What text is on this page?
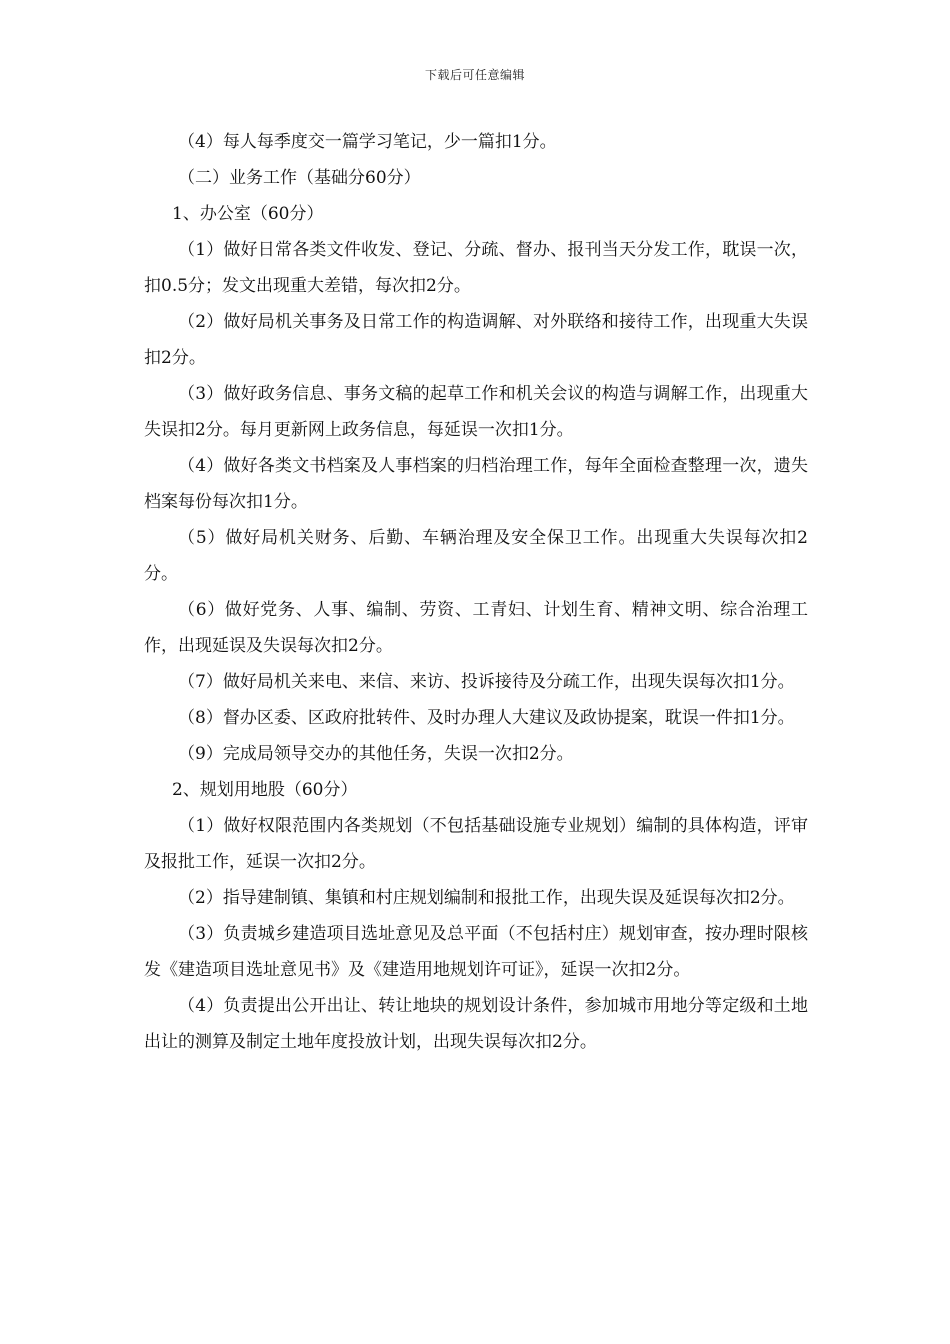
下载后可任意编辑

（4）每人每季度交一篇学习笔记，少一篇扣1分。

（二）业务工作（基础分60分）

1、办公室（60分）

（1）做好日常各类文件收发、登记、分疏、督办、报刊当天分发工作，耽误一次，扣0.5分；发文出现重大差错，每次扣2分。

（2）做好局机关事务及日常工作的构造调解、对外联络和接待工作，出现重大失误扣2分。

（3）做好政务信息、事务文稿的起草工作和机关会议的构造与调解工作，出现重大失误扣2分。每月更新网上政务信息，每延误一次扣1分。

（4）做好各类文书档案及人事档案的归档治理工作，每年全面检查整理一次，遗失档案每份每次扣1分。

（5）做好局机关财务、后勤、车辆治理及安全保卫工作。出现重大失误每次扣2分。

（6）做好党务、人事、编制、劳资、工青妇、计划生育、精神文明、综合治理工作，出现延误及失误每次扣2分。

（7）做好局机关来电、来信、来访、投诉接待及分疏工作，出现失误每次扣1分。

（8）督办区委、区政府批转件、及时办理人大建议及政协提案，耽误一件扣1分。

（9）完成局领导交办的其他任务，失误一次扣2分。

2、规划用地股（60分）

（1）做好权限范围内各类规划（不包括基础设施专业规划）编制的具体构造，评审及报批工作，延误一次扣2分。

（2）指导建制镇、集镇和村庄规划编制和报批工作，出现失误及延误每次扣2分。

（3）负责城乡建造项目选址意见及总平面（不包括村庄）规划审查，按办理时限核发《建造项目选址意见书》及《建造用地规划许可证》，延误一次扣2分。

（4）负责提出公开出让、转让地块的规划设计条件，参加城市用地分等定级和土地出让的测算及制定土地年度投放计划，出现失误每次扣2分。
